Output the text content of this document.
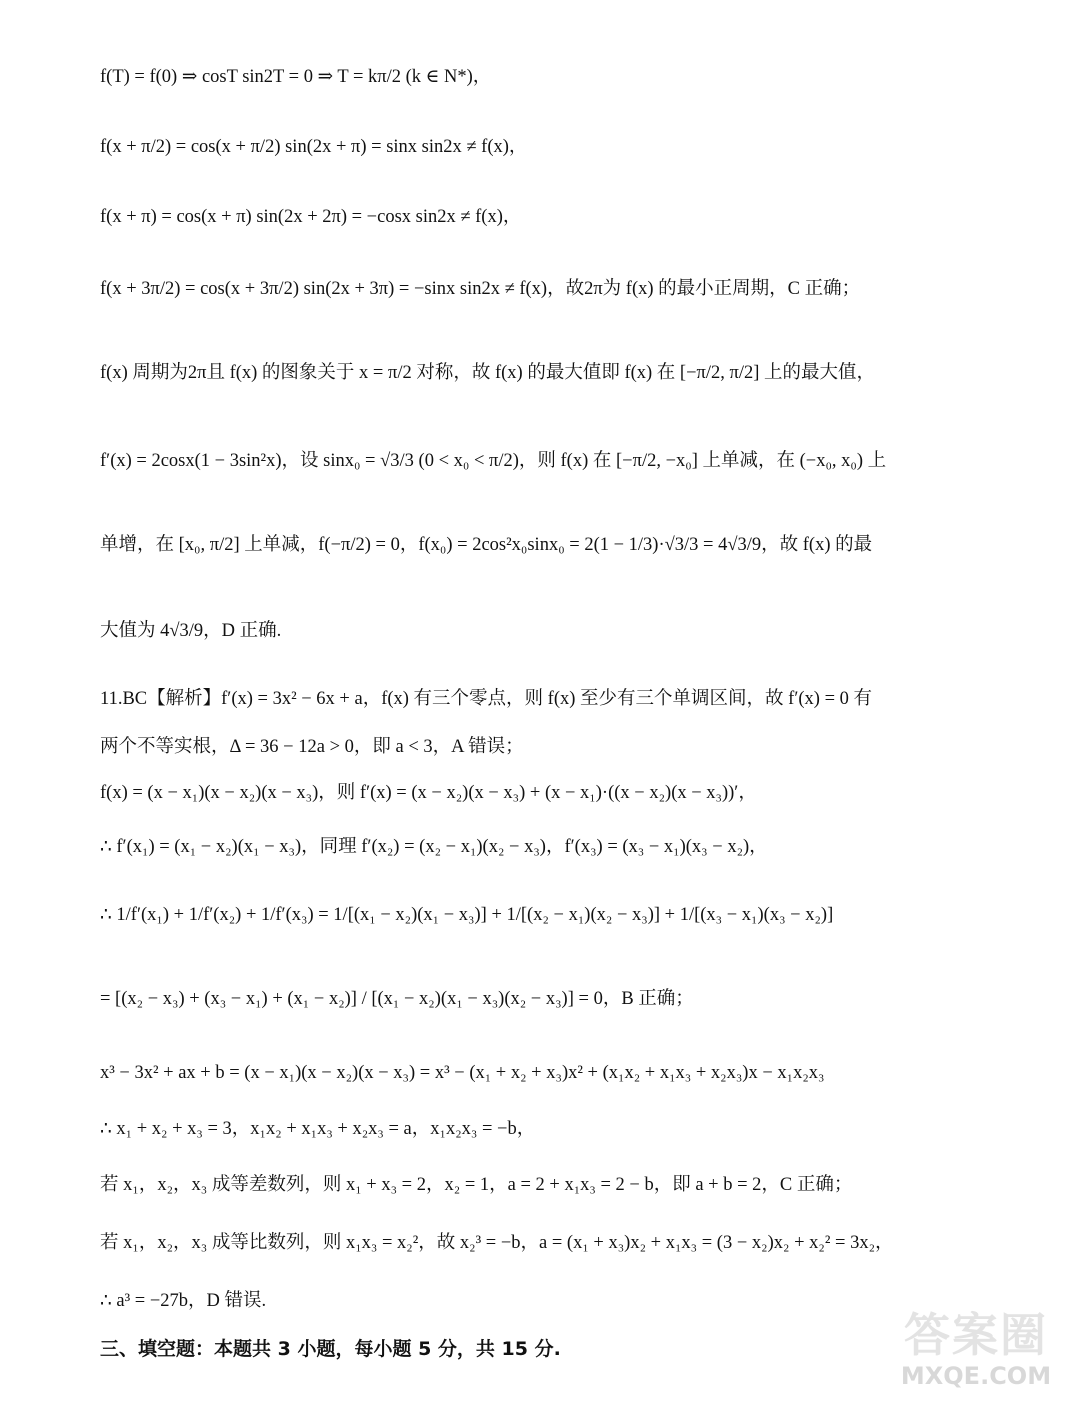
f(T) = f(0) ⇒ cosT sin2T = 0 ⇒ T = kπ/2 (k ∈ N*)，
f(x + π/2) = cos(x + π/2) sin(2x + π) = sinx sin2x ≠ f(x)，
f(x + π) = cos(x + π) sin(2x + 2π) = −cosx sin2x ≠ f(x)，
f(x + 3π/2) = cos(x + 3π/2) sin(2x + 3π) = −sinx sin2x ≠ f(x)，故2π为 f(x) 的最小正周期，C 正确；
f(x) 周期为2π且 f(x) 的图象关于 x = π/2 对称，故 f(x) 的最大值即 f(x) 在 [−π/2, π/2] 上的最大值，
f′(x) = 2cosx(1 − 3sin²x)，设 sinx₀ = √3/3 (0 < x₀ < π/2)，则 f(x) 在 [−π/2, −x₀] 上单减，在 (−x₀, x₀) 上
单增，在 [x₀, π/2] 上单减，f(−π/2) = 0，f(x₀) = 2cos²x₀sinx₀ = 2(1 − 1/3)·√3/3 = 4√3/9，故 f(x) 的最
大值为 4√3/9，D 正确.
11.BC【解析】f′(x) = 3x² − 6x + a，f(x) 有三个零点，则 f(x) 至少有三个单调区间，故 f′(x) = 0 有
两个不等实根，Δ = 36 − 12a > 0，即 a < 3，A 错误；
f(x) = (x − x₁)(x − x₂)(x − x₃)，则 f′(x) = (x − x₂)(x − x₃) + (x − x₁)·((x − x₂)(x − x₃))′，
∴ f′(x₁) = (x₁ − x₂)(x₁ − x₃)，同理 f′(x₂) = (x₂ − x₁)(x₂ − x₃)，f′(x₃) = (x₃ − x₁)(x₃ − x₂)，
∴ 1/f′(x₁) + 1/f′(x₂) + 1/f′(x₃) = 1/[(x₁ − x₂)(x₁ − x₃)] + 1/[(x₂ − x₁)(x₂ − x₃)] + 1/[(x₃ − x₁)(x₃ − x₂)]
= [(x₂ − x₃) + (x₃ − x₁) + (x₁ − x₂)] / [(x₁ − x₂)(x₁ − x₃)(x₂ − x₃)] = 0，B 正确；
x³ − 3x² + ax + b = (x − x₁)(x − x₂)(x − x₃) = x³ − (x₁ + x₂ + x₃)x² + (x₁x₂ + x₁x₃ + x₂x₃)x − x₁x₂x₃
∴ x₁ + x₂ + x₃ = 3，x₁x₂ + x₁x₃ + x₂x₃ = a，x₁x₂x₃ = −b，
若 x₁，x₂，x₃ 成等差数列，则 x₁ + x₃ = 2，x₂ = 1，a = 2 + x₁x₃ = 2 − b，即 a + b = 2，C 正确；
若 x₁，x₂，x₃ 成等比数列，则 x₁x₃ = x₂²，故 x₂³ = −b，a = (x₁ + x₃)x₂ + x₁x₃ = (3 − x₂)x₂ + x₂² = 3x₂，
∴ a³ = −27b，D 错误.
三、填空题：本题共 3 小题，每小题 5 分，共 15 分.	答案圈
MXQE.COM
